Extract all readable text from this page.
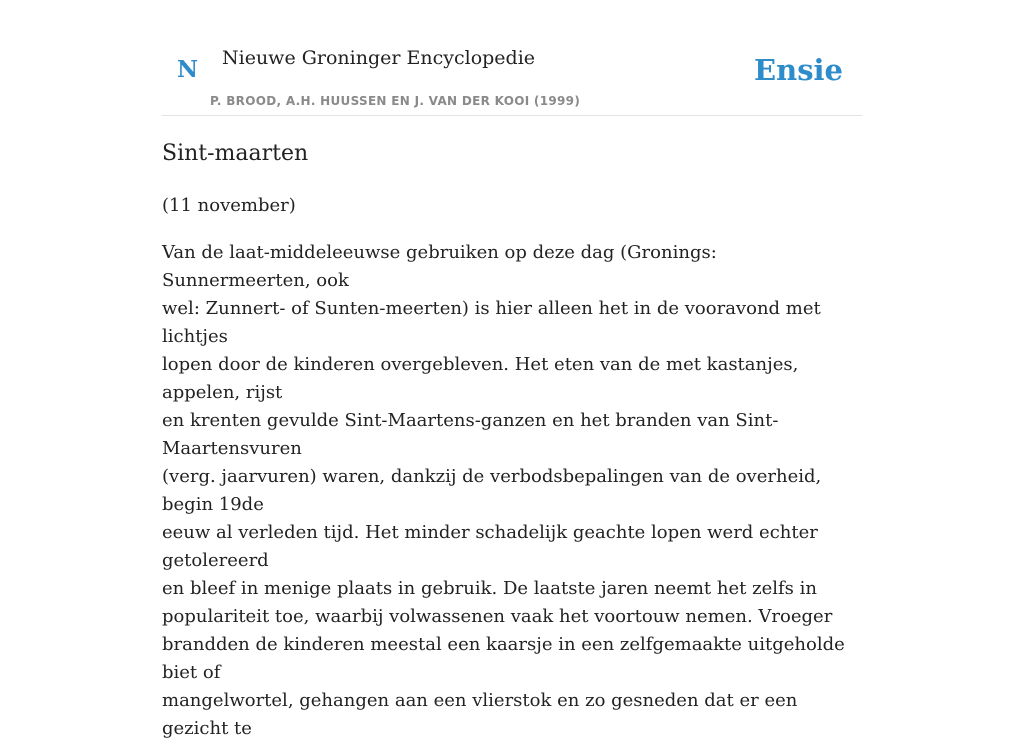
N Nieuwe Groninger Encyclopedie
P. BROOD, A.H. HUUSSEN EN J. VAN DER KOOI (1999)
Ensie
Sint-maarten

(11 november)

Van de laat-middeleeuwse gebruiken op deze dag (Gronings: Sunnermeerten, ook
wel: Zunnert- of Sunten-meerten) is hier alleen het in de vooravond met lichtjes
lopen door de kinderen overgebleven. Het eten van de met kastanjes, appelen, rijst
en krenten gevulde Sint-Maartens-ganzen en het branden van Sint-Maartensvuren
(verg. jaarvuren) waren, dankzij de verbodsbepalingen van de overheid, begin 19de
eeuw al verleden tijd. Het minder schadelijk geachte lopen werd echter getolereerd
en bleef in menige plaats in gebruik. De laatste jaren neemt het zelfs in
populariteit toe, waarbij volwassenen vaak het voortouw nemen. Vroeger
brandden de kinderen meestal een kaarsje in een zelfgemaakte uitgeholde biet of
mangelwortel, gehangen aan een vlierstok en zo gesneden dat er een gezicht te
